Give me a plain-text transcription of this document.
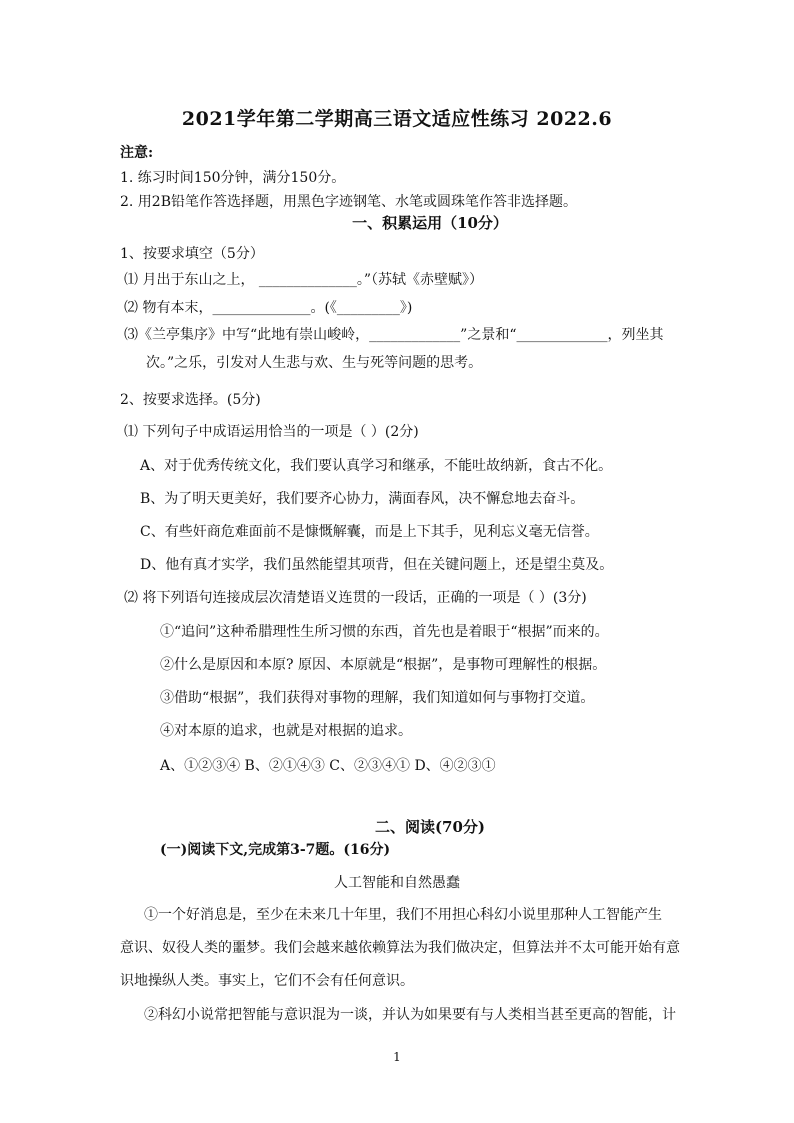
2021学年第二学期高三语文适应性练习 2022.6
注意:
1. 练习时间150分钟，满分150分。
2. 用2B铅笔作答选择题，用黑色字迹钢笔、水笔或圆珠笔作答非选择题。
一、积累运用（10分）
1、按要求填空（5分）
⑴ 月出于东山之上， ______________。”（苏轼《赤壁赋》）
⑵ 物有本末，______________。(《_________》)
⑶《兰亭集序》中写“此地有崇山峻岭，_____________”之景和“_____________，列坐其
次。”之乐，引发对人生悲与欢、生与死等问题的思考。
2、按要求选择。(5分)
⑴ 下列句子中成语运用恰当的一项是（ ）(2分)
A、对于优秀传统文化，我们要认真学习和继承，不能吐故纳新，食古不化。
B、为了明天更美好，我们要齐心协力，满面春风，决不懈怠地去奋斗。
C、有些奸商危难面前不是慷慨解囊，而是上下其手，见利忘义毫无信誉。
D、他有真才实学，我们虽然能望其项背，但在关键问题上，还是望尘莫及。
⑵ 将下列语句连接成层次清楚语义连贯的一段话，正确的一项是（ ）(3分)
①“追问”这种希腊理性生所习惯的东西，首先也是着眼于“根据”而来的。
②什么是原因和本原? 原因、本原就是“根据”，是事物可理解性的根据。
③借助“根据”，我们获得对事物的理解，我们知道如何与事物打交道。
④对本原的追求，也就是对根据的追求。
A、①②③④ B、②①④③ C、②③④① D、④②③①
二、阅读(70分)
(一)阅读下文,完成第3-7题。(16分)
人工智能和自然愚蠢
①一个好消息是，至少在未来几十年里，我们不用担心科幻小说里那种人工智能产生
意识、奴役人类的噩梦。我们会越来越依赖算法为我们做决定，但算法并不太可能开始有意
识地操纵人类。事实上，它们不会有任何意识。
②科幻小说常把智能与意识混为一谈，并认为如果要有与人类相当甚至更高的智能，计
1
